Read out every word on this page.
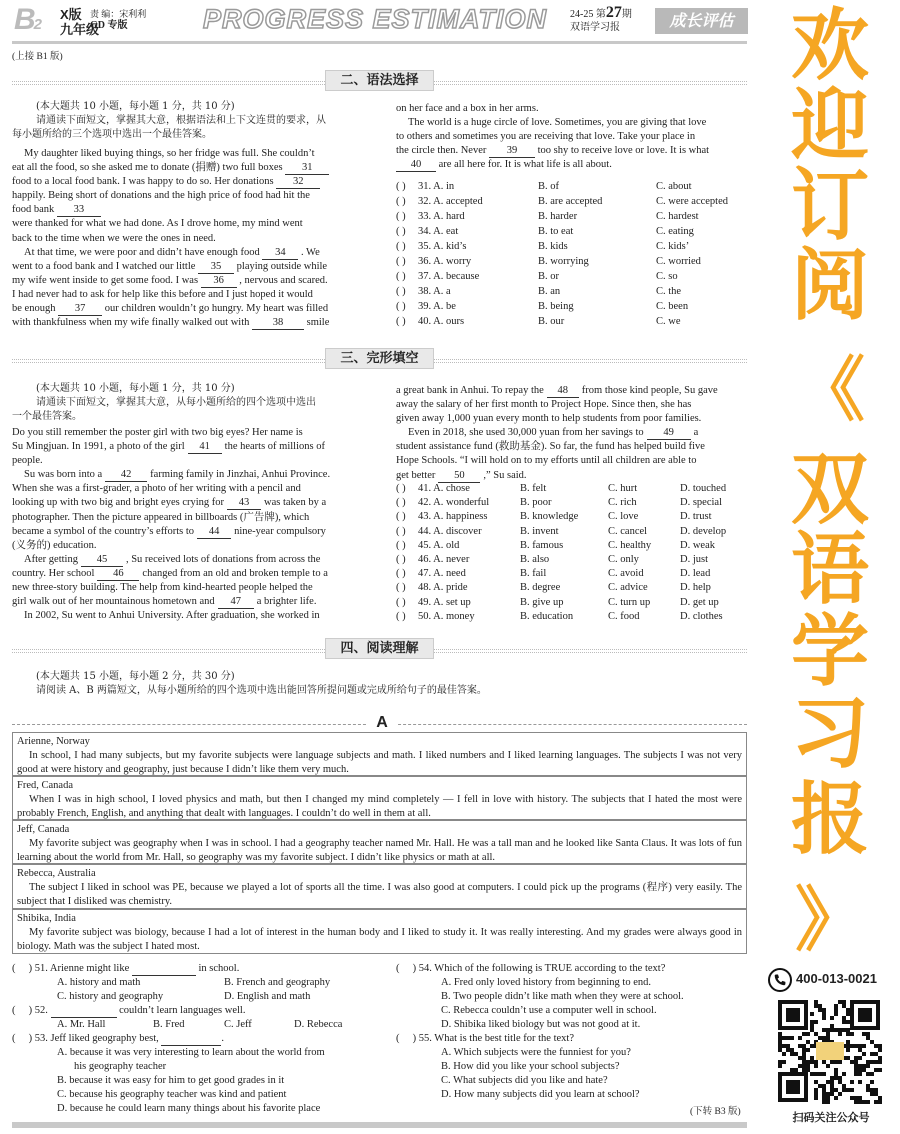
B2
X版
九年级
责 编：宋利利
GD 专版	PROGRESS ESTIMATION 24-25 第27期
双语学习报	成长评估
(上接 B1 版)
二、语法选择
(本大题共 10 小题，每小题 1 分，共 10 分)
请通读下面短文，掌握其大意，根据语法和上下文连贯的要求，从
每小题所给的三个选项中选出一个最佳答案。
My daughter liked buying things, so her fridge was full. She couldn’t
eat all the food, so she asked me to donate (捐赠) two full boxes 31
food to a local food bank. I was happy to do so. Her donations 32
happily. Being short of donations and the high price of food had hit the
food bank 33
were thanked for what we had done. As I drove home, my mind went
back to the time when we were the ones in need.
At that time, we were poor and didn’t have enough food 34 . We
went to a food bank and I watched our little 35 playing outside while
my wife went inside to get some food. I was 36 , nervous and scared.
I had never had to ask for help like this before and I just hoped it would
be enough 37 our children wouldn’t go hungry. My heart was filled
with thankfulness when my wife finally walked out with 38 smile
on her face and a box in her arms.
The world is a huge circle of love. Sometimes, you are giving that love
to others and sometimes you are receiving that love. Take your place in
the circle then. Never 39 too shy to receive love or love. It is what
40 are all here for. It is what life is all about.
( ) 31. A. in	B. of	C. about
( ) 32. A. accepted	B. are accepted	C. were accepted
( ) 33. A. hard	B. harder	C. hardest
( ) 34. A. eat	B. to eat	C. eating
( ) 35. A. kid’s	B. kids	C. kids’
( ) 36. A. worry	B. worrying	C. worried
( ) 37. A. because	B. or	C. so
( ) 38. A. a	B. an	C. the
( ) 39. A. be	B. being	C. been
( ) 40. A. ours	B. our	C. we
三、完形填空
(本大题共 10 小题，每小题 1 分，共 10 分)
请通读下面短文，掌握其大意，从每小题所给的四个选项中选出
一个最佳答案。
Do you still remember the poster girl with two big eyes? Her name is
Su Mingjuan. In 1991, a photo of the girl 41 the hearts of millions of
people.
Su was born into a 42 farming family in Jinzhai, Anhui Province.
When she was a first-grader, a photo of her writing with a pencil and
looking up with two big and bright eyes crying for 43 was taken by a
photographer. Then the picture appeared in billboards (广告牌), which
became a symbol of the country’s efforts to 44 nine-year compulsory
(义务的) education.
After getting 45 , Su received lots of donations from across the
country. Her school 46 changed from an old and broken temple to a
new three-story building. The help from kind-hearted people helped the
girl walk out of her mountainous hometown and 47 a brighter life.
In 2002, Su went to Anhui University. After graduation, she worked in
a great bank in Anhui. To repay the 48 from those kind people, Su gave
away the salary of her first month to Project Hope. Since then, she has
given away 1,000 yuan every month to help students from poor families.
Even in 2018, she used 30,000 yuan from her savings to 49 a
student assistance fund (救助基金). So far, the fund has helped build five
Hope Schools. “I will hold on to my efforts until all children are able to
get better 50 ,” Su said.
( ) 41. A. chose	B. felt	C. hurt	D. touched
( ) 42. A. wonderful	B. poor	C. rich	D. special
( ) 43. A. happiness	B. knowledge	C. love	D. trust
( ) 44. A. discover	B. invent	C. cancel	D. develop
( ) 45. A. old	B. famous	C. healthy	D. weak
( ) 46. A. never	B. also	C. only	D. just
( ) 47. A. need	B. fail	C. avoid	D. lead
( ) 48. A. pride	B. degree	C. advice	D. help
( ) 49. A. set up	B. give up	C. turn up	D. get up
( ) 50. A. money	B. education	C. food	D. clothes
四、阅读理解
(本大题共 15 小题，每小题 2 分，共 30 分)
请阅读 A、B 两篇短文，从每小题所给的四个选项中选出能回答所提问题或完成所给句子的最佳答案。
A
Arienne, Norway
In school, I had many subjects, but my favorite subjects were language subjects and math. I liked numbers and I liked learning languages. The subjects I was not very good at were history and geography, just because I didn’t like them very much.
Fred, Canada
When I was in high school, I loved physics and math, but then I changed my mind completely — I fell in love with history. The subjects that I hated the most were probably French, English, and anything that dealt with languages. I couldn’t do well in them at all.
Jeff, Canada
My favorite subject was geography when I was in school. I had a geography teacher named Mr. Hall. He was a tall man and he looked like Santa Claus. It was lots of fun learning about the world from Mr. Hall, so geography was my favorite subject. I didn’t like physics or math at all.
Rebecca, Australia
The subject I liked in school was PE, because we played a lot of sports all the time. I was also good at computers. I could pick up the programs (程序) very easily. The subject that I disliked was chemistry.
Shibika, India
My favorite subject was biology, because I had a lot of interest in the human body and I liked to study it. It was really interesting. And my grades were always good in biology. Math was the subject I hated most.
(     ) 51. Arienne might like	in school.
A. history and math	B. French and geography
C. history and geography	D. English and math
(     ) 52.	couldn’t learn languages well.
A. Mr. Hall	B. Fred	C. Jeff	D. Rebecca
(     ) 53. Jeff liked geography best,	.
A. because it was very interesting to learn about the world from
his geography teacher
B. because it was easy for him to get good grades in it
C. because his geography teacher was kind and patient
D. because he could learn many things about his favorite place
(     ) 54. Which of the following is TRUE according to the text?
A. Fred only loved history from beginning to end.
B. Two people didn’t like math when they were at school.
C. Rebecca couldn’t use a computer well in school.
D. Shibika liked biology but was not good at it.
(     ) 55. What is the best title for the text?
A. Which subjects were the funniest for you?
B. How did you like your school subjects?
C. What subjects did you like and hate?
D. How many subjects did you learn at school?
(下转 B3 版)
400-013-0021
扫码关注公众号
欢
迎
订
阅
《
双
语
学
习
报
》
